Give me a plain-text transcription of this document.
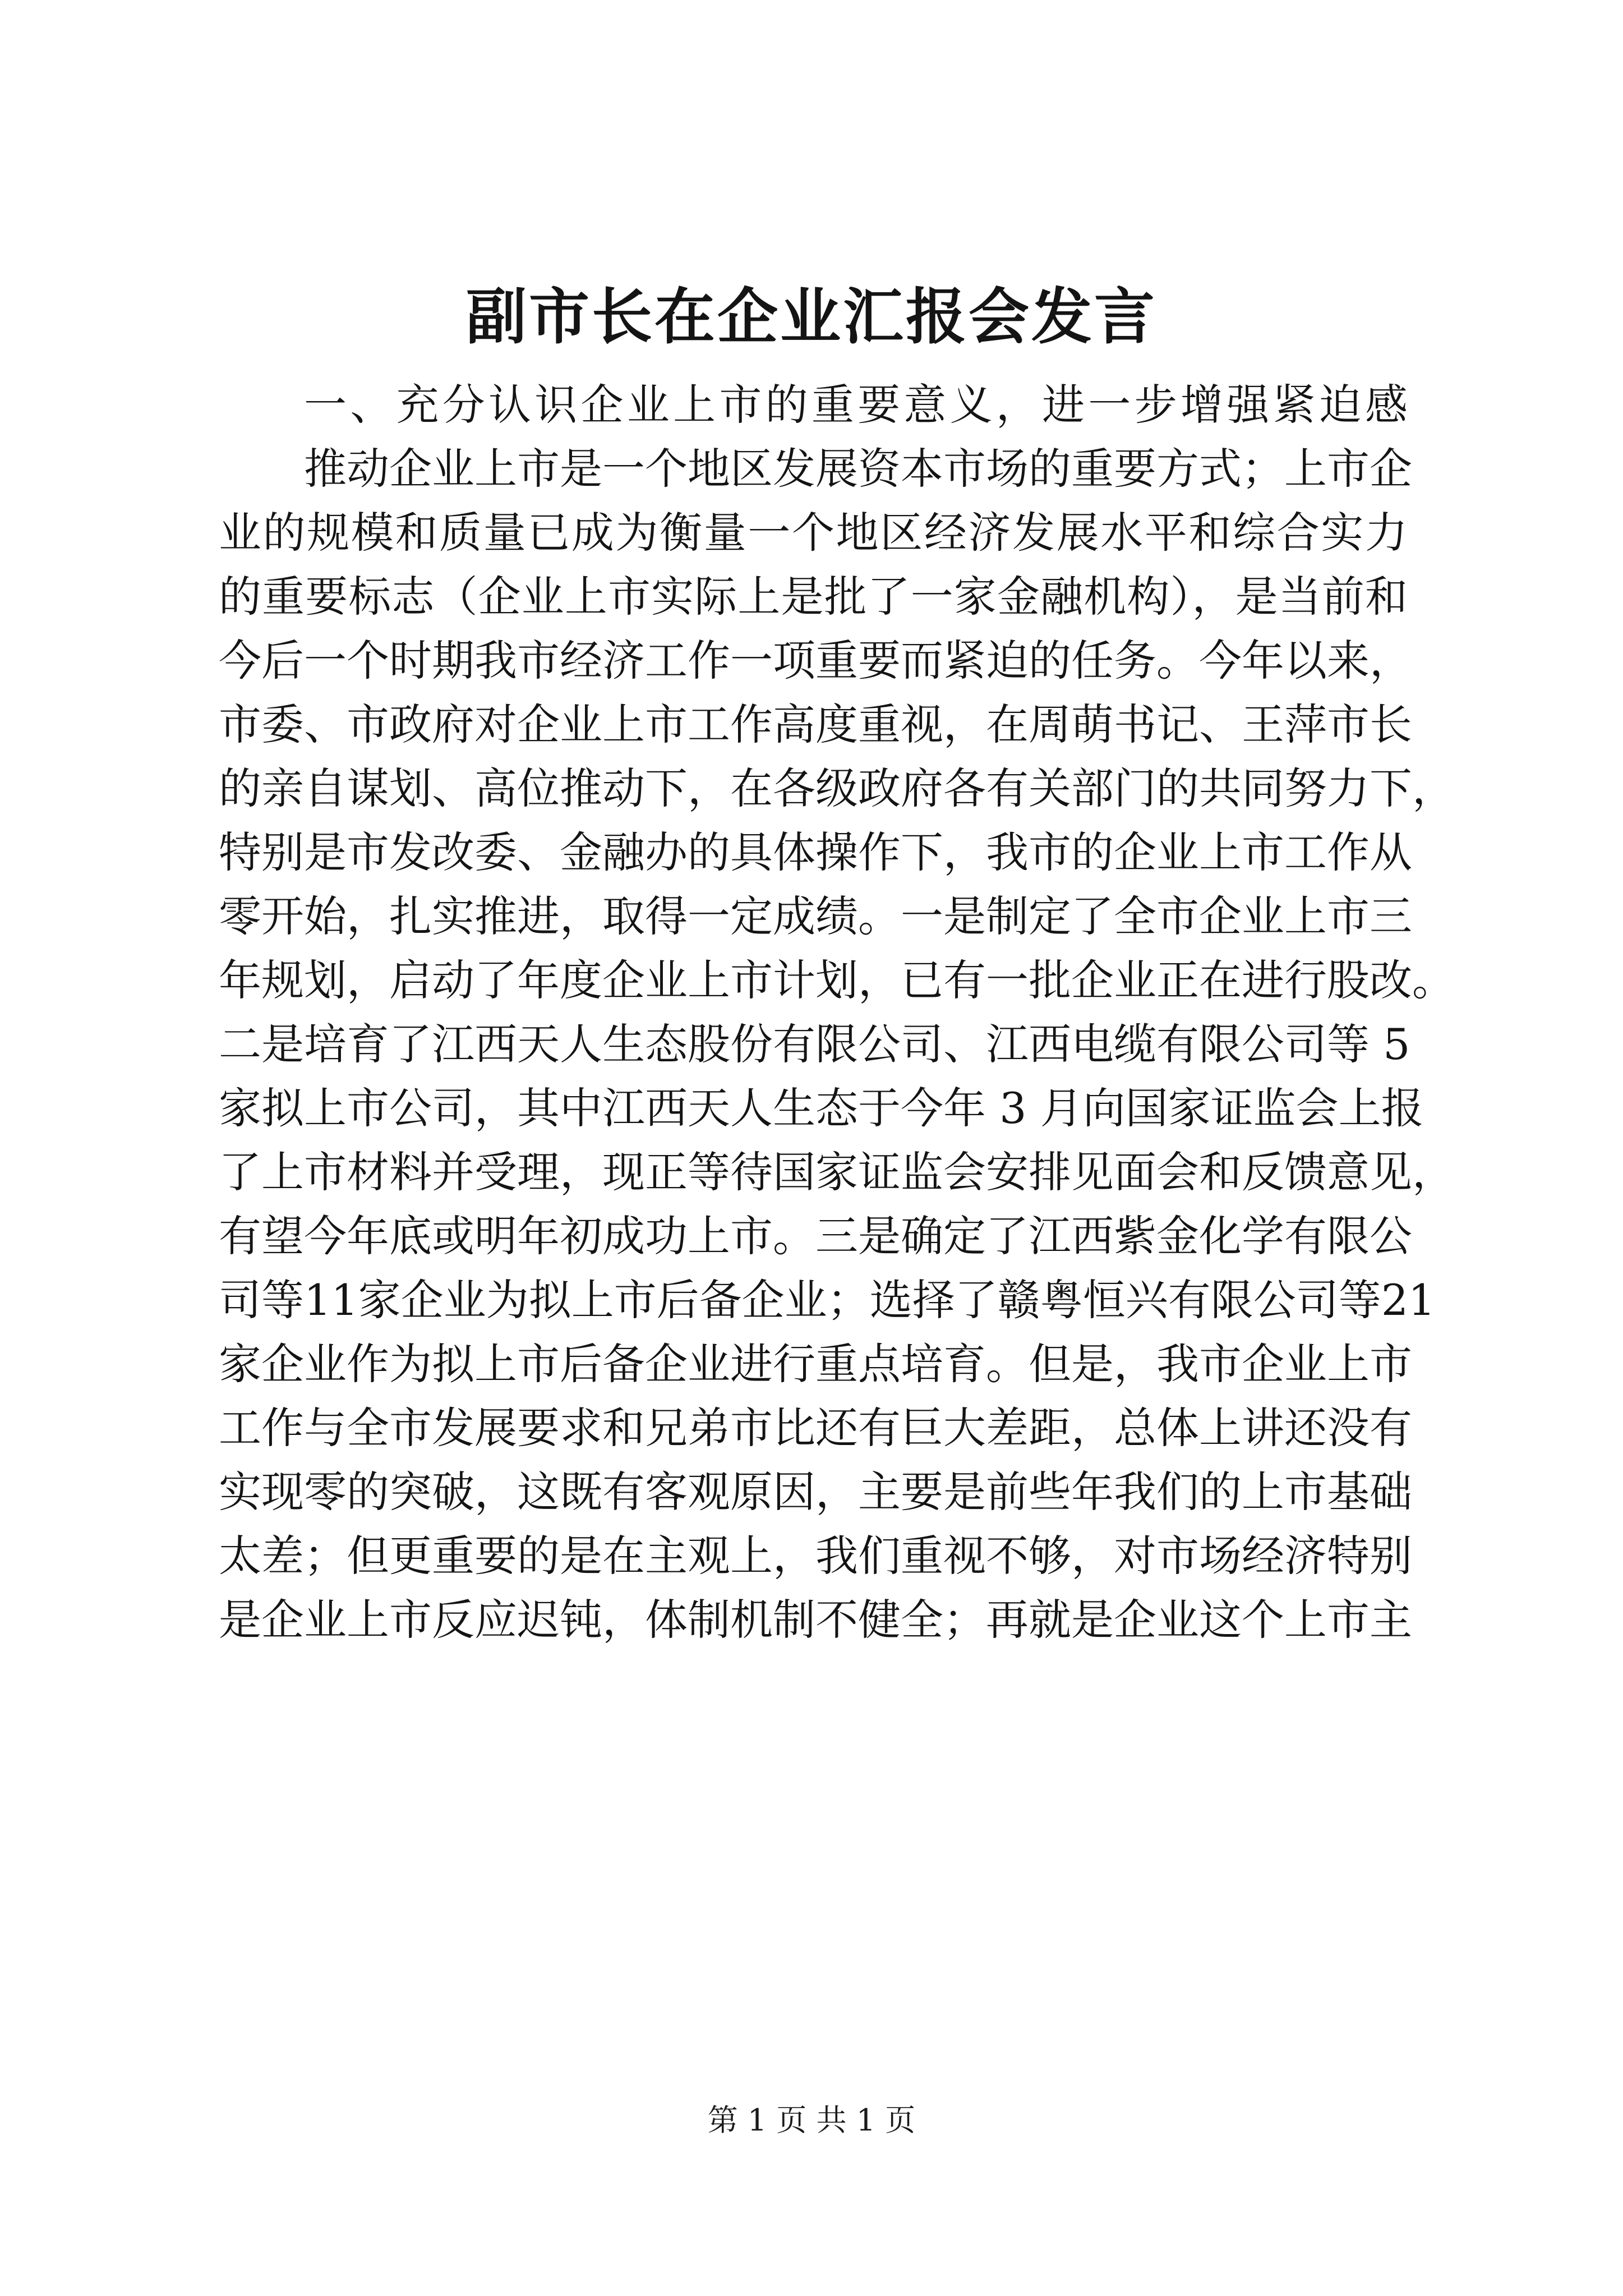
副市长在企业汇报会发言

一、充分认识企业上市的重要意义，进一步增强紧迫感

推动企业上市是一个地区发展资本市场的重要方式；上市企

业的规模和质量已成为衡量一个地区经济发展水平和综合实力

的重要标志（企业上市实际上是批了一家金融机构），是当前和

今后一个时期我市经济工作一项重要而紧迫的任务。今年以来，

市委、市政府对企业上市工作高度重视，在周萌书记、王萍市长

的亲自谋划、高位推动下，在各级政府各有关部门的共同努力下，

特别是市发改委、金融办的具体操作下，我市的企业上市工作从

零开始，扎实推进，取得一定成绩。一是制定了全市企业上市三

年规划，启动了年度企业上市计划，已有一批企业正在进行股改。

二是培育了江西天人生态股份有限公司、江西电缆有限公司等 5

家拟上市公司，其中江西天人生态于今年 3 月向国家证监会上报

了上市材料并受理，现正等待国家证监会安排见面会和反馈意见，

有望今年底或明年初成功上市。三是确定了江西紫金化学有限公

司等11家企业为拟上市后备企业；选择了赣粤恒兴有限公司等21

家企业作为拟上市后备企业进行重点培育。但是，我市企业上市

工作与全市发展要求和兄弟市比还有巨大差距，总体上讲还没有

实现零的突破，这既有客观原因，主要是前些年我们的上市基础

太差；但更重要的是在主观上，我们重视不够，对市场经济特别

是企业上市反应迟钝，体制机制不健全；再就是企业这个上市主

第 1 页 共 1 页
